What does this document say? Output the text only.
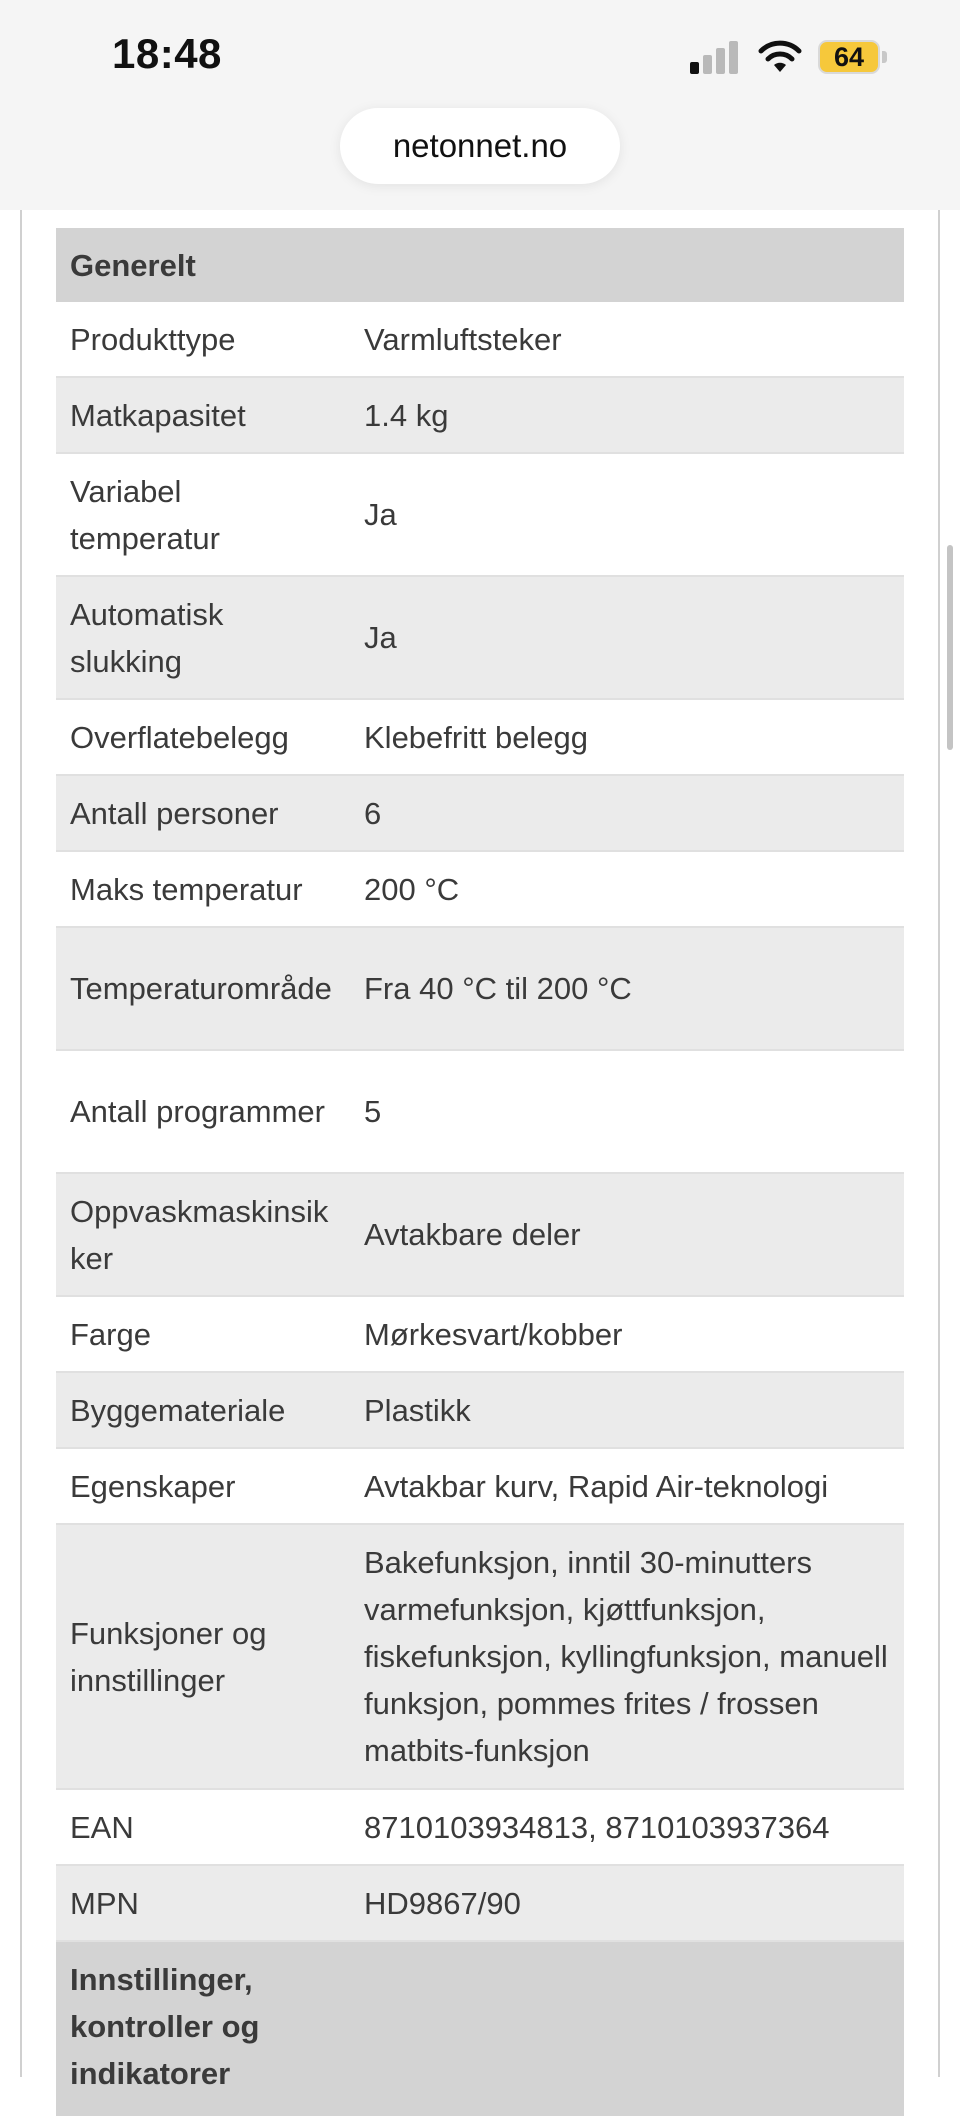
18:48	64
netonnet.no
Generelt	
Produkttype	Varmluftsteker
Matkapasitet	1.4 kg
Variabel temperatur	Ja
Automatisk slukking	Ja
Overflatebelegg	Klebefritt belegg
Antall personer	6
Maks temperatur	200 °C
Temperaturområde	Fra 40 °C til 200 °C
Antall programmer	5
Oppvaskmaskinsikker	Avtakbare deler
Farge	Mørkesvart/kobber
Byggemateriale	Plastikk
Egenskaper	Avtakbar kurv, Rapid Air-teknologi
Funksjoner og innstillinger	Bakefunksjon, inntil 30-minutters varmefunksjon, kjøttfunksjon, fiskefunksjon, kyllingfunksjon, manuell funksjon, pommes frites / frossen matbits-funksjon
EAN	8710103934813, 8710103937364
MPN	HD9867/90
Innstillinger, kontroller og indikatorer	
